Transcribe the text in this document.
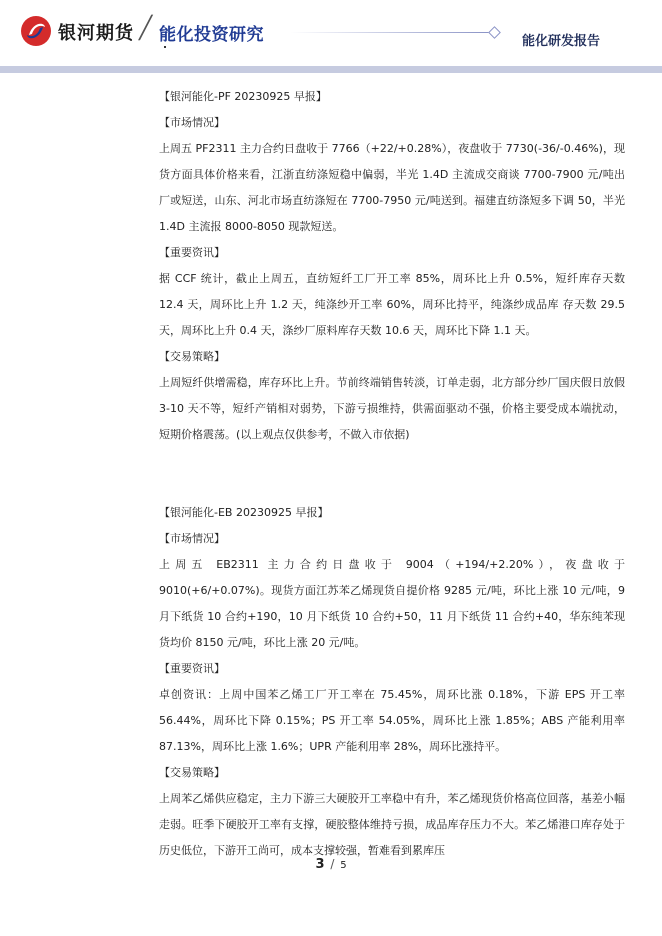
银河期货 ╱ 能化投资研究	能化研发报告

【银河能化-PF 20230925 早报】

【市场情况】

上周五 PF2311 主力合约日盘收于 7766（+22/+0.28%），夜盘收于 7730(-36/-0.46%)，现货方面具体价格来看，江浙直纺涤短稳中偏弱，半光 1.4D 主流成交商谈 7700-7900 元/吨出厂或短送，山东、河北市场直纺涤短在 7700-7950 元/吨送到。福建直纺涤短多下调 50，半光 1.4D 主流报 8000-8050 现款短送。

【重要资讯】

据 CCF 统计，截止上周五，直纺短纤工厂开工率 85%，周环比上升 0.5%，短纤库存天数 12.4 天，周环比上升 1.2 天，纯涤纱开工率 60%，周环比持平，纯涤纱成品库 存天数 29.5 天，周环比上升 0.4 天，涤纱厂原料库存天数 10.6 天，周环比下降 1.1 天。

【交易策略】

上周短纤供增需稳，库存环比上升。节前终端销售转淡，订单走弱，北方部分纱厂国庆假日放假 3-10 天不等，短纤产销相对弱势，下游亏损维持，供需面驱动不强，价格主要受成本端扰动，短期价格震荡。(以上观点仅供参考，不做入市依据)

【银河能化-EB 20230925 早报】

【市场情况】

上周五 EB2311 主力合约日盘收于 9004（+194/+2.20%），夜盘收于 9010(+6/+0.07%)。现货方面江苏苯乙烯现货自提价格 9285 元/吨，环比上涨 10 元/吨，9 月下纸货 10 合约+190，10 月下纸货 10 合约+50，11 月下纸货 11 合约+40，华东纯苯现货均价 8150 元/吨，环比上涨 20 元/吨。

【重要资讯】

卓创资讯：上周中国苯乙烯工厂开工率在 75.45%，周环比涨 0.18%，下游 EPS 开工率 56.44%，周环比下降 0.15%；PS 开工率 54.05%，周环比上涨 1.85%；ABS 产能利用率 87.13%，周环比上涨 1.6%；UPR 产能利用率 28%，周环比涨持平。

【交易策略】

上周苯乙烯供应稳定，主力下游三大硬胶开工率稳中有升，苯乙烯现货价格高位回落，基差小幅走弱。旺季下硬胶开工率有支撑，硬胶整体维持亏损，成品库存压力不大。苯乙烯港口库存处于历史低位，下游开工尚可，成本支撑较强，暂难看到累库压

3 / 5
